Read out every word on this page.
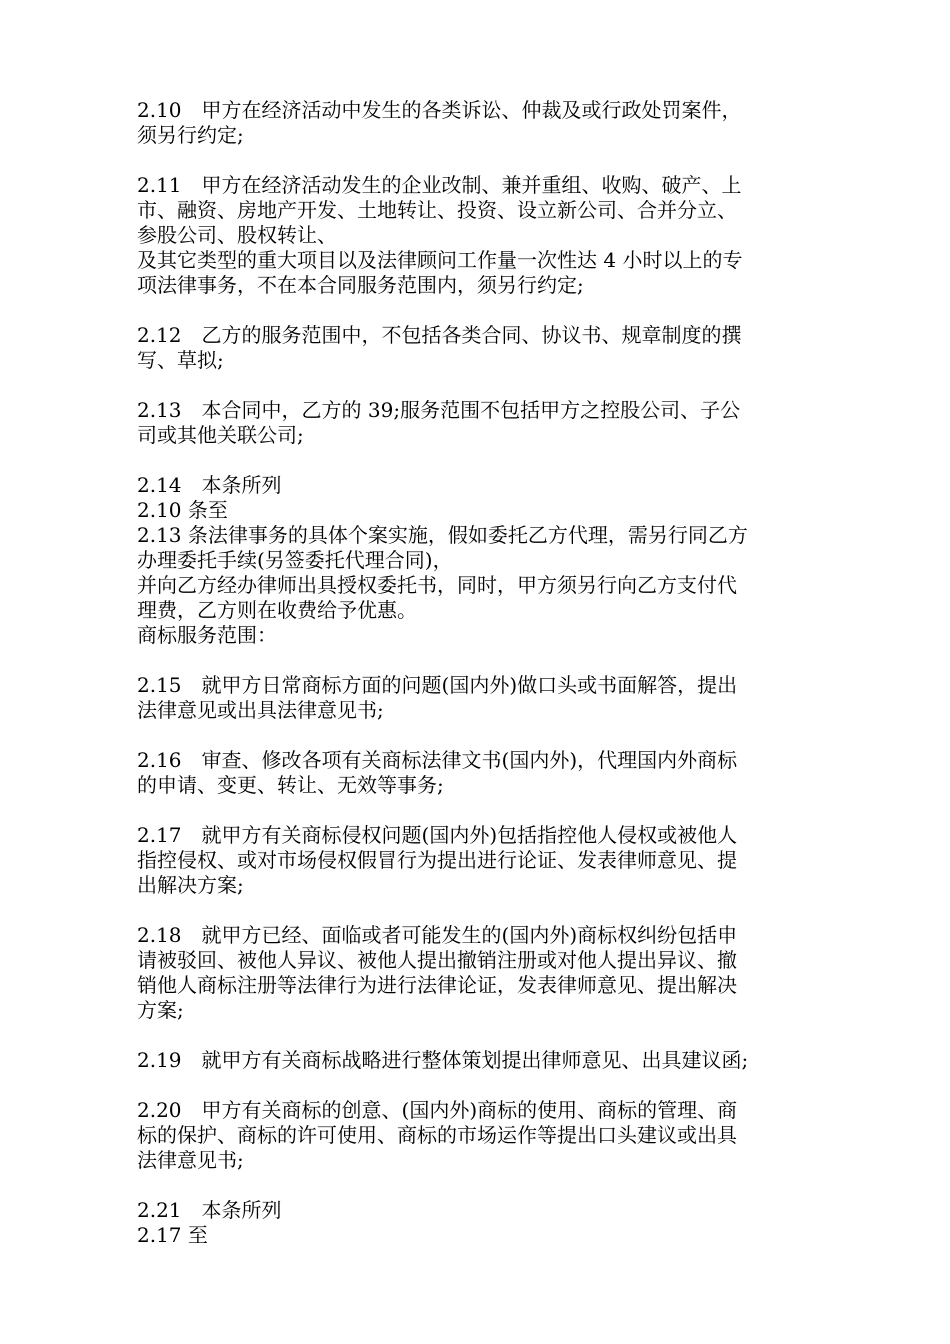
2.10　甲方在经济活动中发生的各类诉讼、仲裁及或行政处罚案件，
须另行约定;
2.11　甲方在经济活动发生的企业改制、兼并重组、收购、破产、上
市、融资、房地产开发、土地转让、投资、设立新公司、合并分立、
参股公司、股权转让、
及其它类型的重大项目以及法律顾问工作量一次性达 4 小时以上的专
项法律事务，不在本合同服务范围内，须另行约定;
2.12　乙方的服务范围中，不包括各类合同、协议书、规章制度的撰
写、草拟;
2.13　本合同中，乙方的 39;服务范围不包括甲方之控股公司、子公
司或其他关联公司;
2.14　本条所列
2.10 条至
2.13 条法律事务的具体个案实施，假如委托乙方代理，需另行同乙方
办理委托手续(另签委托代理合同)，
并向乙方经办律师出具授权委托书，同时，甲方须另行向乙方支付代
理费，乙方则在收费给予优惠。
商标服务范围：
2.15　就甲方日常商标方面的问题(国内外)做口头或书面解答，提出
法律意见或出具法律意见书;
2.16　审查、修改各项有关商标法律文书(国内外)，代理国内外商标
的申请、变更、转让、无效等事务;
2.17　就甲方有关商标侵权问题(国内外)包括指控他人侵权或被他人
指控侵权、或对市场侵权假冒行为提出进行论证、发表律师意见、提
出解决方案;
2.18　就甲方已经、面临或者可能发生的(国内外)商标权纠纷包括申
请被驳回、被他人异议、被他人提出撤销注册或对他人提出异议、撤
销他人商标注册等法律行为进行法律论证，发表律师意见、提出解决
方案;
2.19　就甲方有关商标战略进行整体策划提出律师意见、出具建议函;
2.20　甲方有关商标的创意、(国内外)商标的使用、商标的管理、商
标的保护、商标的许可使用、商标的市场运作等提出口头建议或出具
法律意见书;
2.21　本条所列
2.17 至
